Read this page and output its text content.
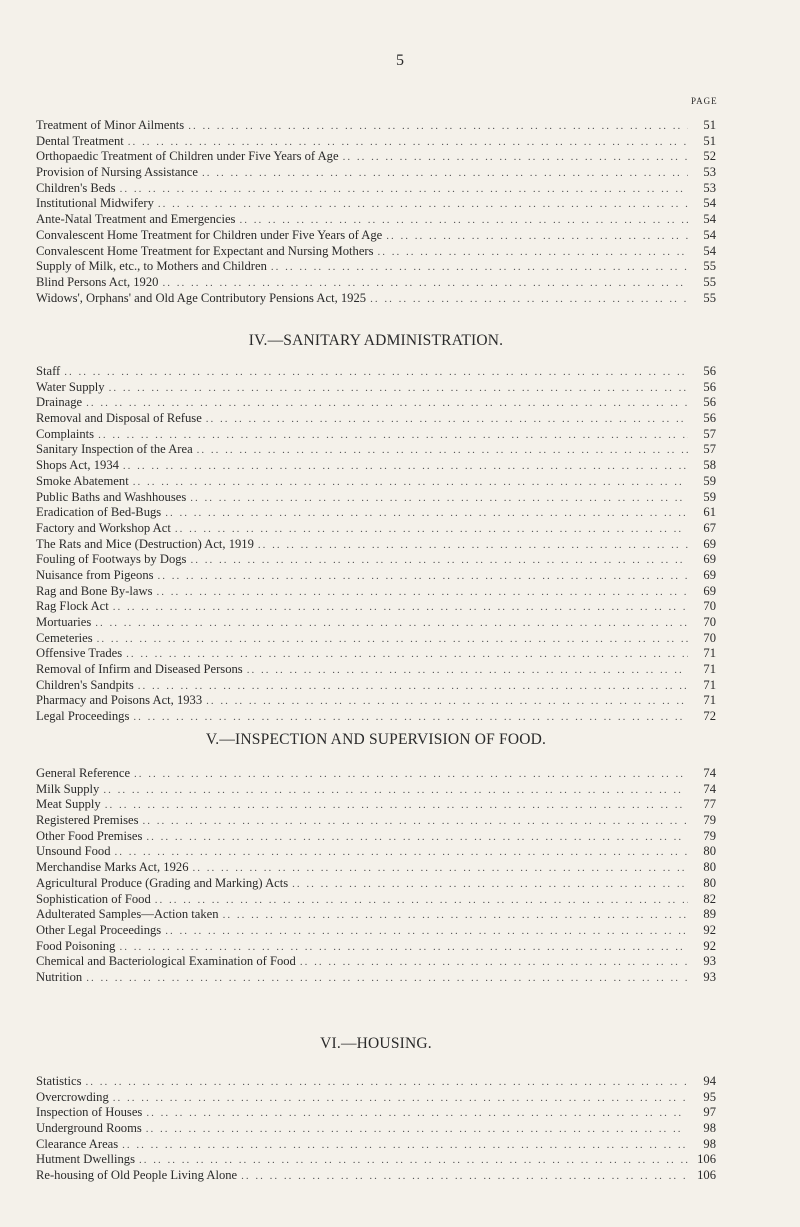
5
PAGE
Treatment of Minor Ailments .. ..	51
Dental Treatment .. ..	51
Orthopaedic Treatment of Children under Five Years of Age .. ..	52
Provision of Nursing Assistance .. ..	53
Children's Beds .. ..	53
Institutional Midwifery .. ..	54
Ante-Natal Treatment and Emergencies .. ..	54
Convalescent Home Treatment for Children under Five Years of Age .. ..	54
Convalescent Home Treatment for Expectant and Nursing Mothers .. ..	54
Supply of Milk, etc., to Mothers and Children .. ..	55
Blind Persons Act, 1920 .. ..	55
Widows', Orphans' and Old Age Contributory Pensions Act, 1925 .. ..	55
IV.—SANITARY ADMINISTRATION.
Staff .. ..	56
Water Supply .. ..	56
Drainage .. ..	56
Removal and Disposal of Refuse .. ..	56
Complaints .. ..	57
Sanitary Inspection of the Area .. ..	57
Shops Act, 1934 .. ..	58
Smoke Abatement .. ..	59
Public Baths and Washhouses .. ..	59
Eradication of Bed-Bugs .. ..	61
Factory and Workshop Act .. ..	67
The Rats and Mice (Destruction) Act, 1919 .. ..	69
Fouling of Footways by Dogs .. ..	69
Nuisance from Pigeons .. ..	69
Rag and Bone By-laws .. ..	69
Rag Flock Act .. ..	70
Mortuaries .. ..	70
Cemeteries .. ..	70
Offensive Trades .. ..	71
Removal of Infirm and Diseased Persons .. ..	71
Children's Sandpits .. ..	71
Pharmacy and Poisons Act, 1933 .. ..	71
Legal Proceedings .. ..	72
V.—INSPECTION AND SUPERVISION OF FOOD.
General Reference .. ..	74
Milk Supply .. ..	74
Meat Supply .. ..	77
Registered Premises .. ..	79
Other Food Premises .. ..	79
Unsound Food .. ..	80
Merchandise Marks Act, 1926 .. ..	80
Agricultural Produce (Grading and Marking) Acts .. ..	80
Sophistication of Food .. ..	82
Adulterated Samples—Action taken .. ..	89
Other Legal Proceedings .. ..	92
Food Poisoning .. ..	92
Chemical and Bacteriological Examination of Food .. ..	93
Nutrition .. ..	93
VI.—HOUSING.
Statistics .. ..	94
Overcrowding .. ..	95
Inspection of Houses .. ..	97
Underground Rooms .. ..	98
Clearance Areas .. ..	98
Hutment Dwellings .. ..	106
Re-housing of Old People Living Alone .. ..	106
